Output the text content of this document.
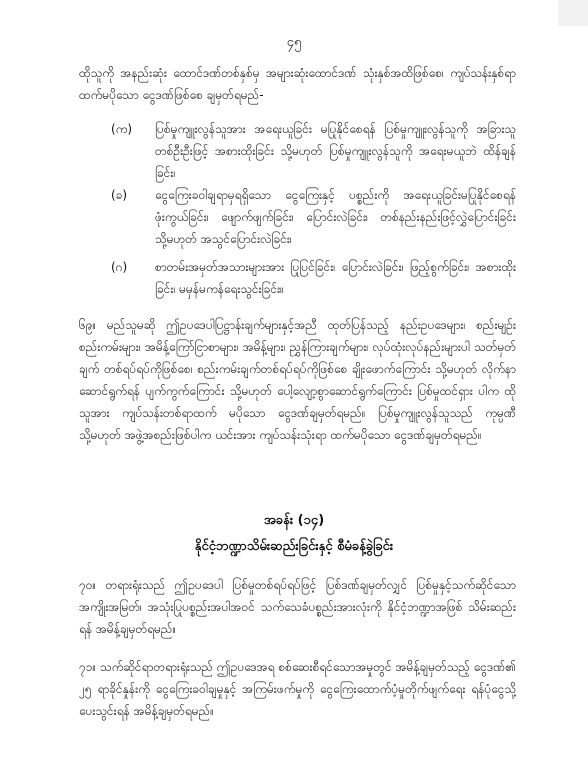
၄၅
ထိုသူကို အနည်းဆုံး ထောင်ဒဏ်တစ်နှစ်မှ အများဆုံးထောင်ဒဏ် သုံးနှစ်အထိဖြစ်စေ၊ ကျပ်သန်းနှစ်ရာ ထက်မပိုသော ငွေဒဏ်ဖြစ်စေ ချမှတ်ရမည်-
(က)	ပြစ်မှုကျူးလွန်သူအား အရေးယူခြင်း မပြုနိုင်စေရန် ပြစ်မှုကျူးလွန်သူကို အခြားသူ တစ်ဦးဦးဖြင့် အစားထိုးခြင်း သို့မဟုတ် ပြစ်မှုကျူးလွန်သူကို အရေးမယူဘဲ ထိန်ချန်ခြင်း၊
(ခ)	ငွေကြေးခဝါချရာမှရရှိသော ငွေကြေးနှင့် ပစ္စည်းကို အရေးယူခြင်းမပြုနိုင်စေရန် ဖုံးကွယ်ခြင်း၊ ဖျောက်ဖျက်ခြင်း၊ ပြောင်းလဲခြင်း၊ တစ်နည်းနည်းဖြင့်လွှဲပြောင်းခြင်း သို့မဟုတ် အသွင်ပြောင်းလဲခြင်း၊
(ဂ)	စာတမ်းအမှတ်အသားများအား ပြုပြင်ခြင်း၊ ပြောင်းလဲခြင်း၊ ဖြည့်စွက်ခြင်း၊ အစားထိုးခြင်း၊ မမှန်မကန်ရေးသွင်းခြင်း။
၆၉။ မည်သူမဆို ဤဥပဒေပါပြဋ္ဌာန်းချက်များနှင့်အညီ ထုတ်ပြန်သည့် နည်းဥပဒေများ၊ စည်းမျဉ်း စည်းကမ်းများ၊ အမိန့်ကြော်ငြာစာများ၊ အမိန့်များ၊ ညွှန်ကြားချက်များ၊ လုပ်ထုံးလုပ်နည်းများပါ သတ်မှတ်ချက် တစ်ရပ်ရပ်ကိုဖြစ်စေ၊ စည်းကမ်းချက်တစ်ရပ်ရပ်ကိုဖြစ်စေ ချိုးဖောက်ကြောင်း သို့မဟုတ် လိုက်နာဆောင်ရွက်ရန် ပျက်ကွက်ကြောင်း သို့မဟုတ် ပေါ့လျော့စွာဆောင်ရွက်ကြောင်း ပြစ်မှုထင်ရှား ပါက ထိုသူအား ကျပ်သန်းတစ်ရာထက် မပိုသော ငွေဒဏ်ချမှတ်ရမည်။ ပြစ်မှုကျူးလွန်သူသည် ကုမ္ပဏီ သို့မဟုတ် အဖွဲ့အစည်းဖြစ်ပါက ယင်းအား ကျပ်သန်းသုံးရာ ထက်မပိုသော ငွေဒဏ်ချမှတ်ရမည်။
အခန်း (၁၄)
နိုင်ငံ့ဘဏ္ဍာသိမ်းဆည်းခြင်းနှင့် စီမံခန့်ခွဲခြင်း
၇၀။ တရားရုံးသည် ဤဥပဒေပါ ပြစ်မှုတစ်ရပ်ရပ်ဖြင့် ပြစ်ဒဏ်ချမှတ်လျှင် ပြစ်မှုနှင့်သက်ဆိုင်သော အကျိုးအမြတ်၊ အသုံးပြုပစ္စည်းအပါအဝင် သက်သေခံပစ္စည်းအားလုံးကို နိုင်ငံ့ဘဏ္ဍာအဖြစ် သိမ်းဆည်းရန် အမိန့်ချမှတ်ရမည်။
၇၁။ သက်ဆိုင်ရာတရားရုံးသည် ဤဥပဒေအရ စစ်ဆေးစီရင်သောအမှုတွင် အမိန့်ချမှတ်သည့် ငွေဒဏ်၏ ၂၅ ရာခိုင်နှုန်းကို ငွေကြေးခဝါချမှုနှင့် အကြမ်းဖက်မှုကို ငွေကြေးထောက်ပံ့မှုတိုက်ဖျက်ရေး ရန်ပုံငွေသို့ ပေးသွင်းရန် အမိန့်ချမှတ်ရမည်။
